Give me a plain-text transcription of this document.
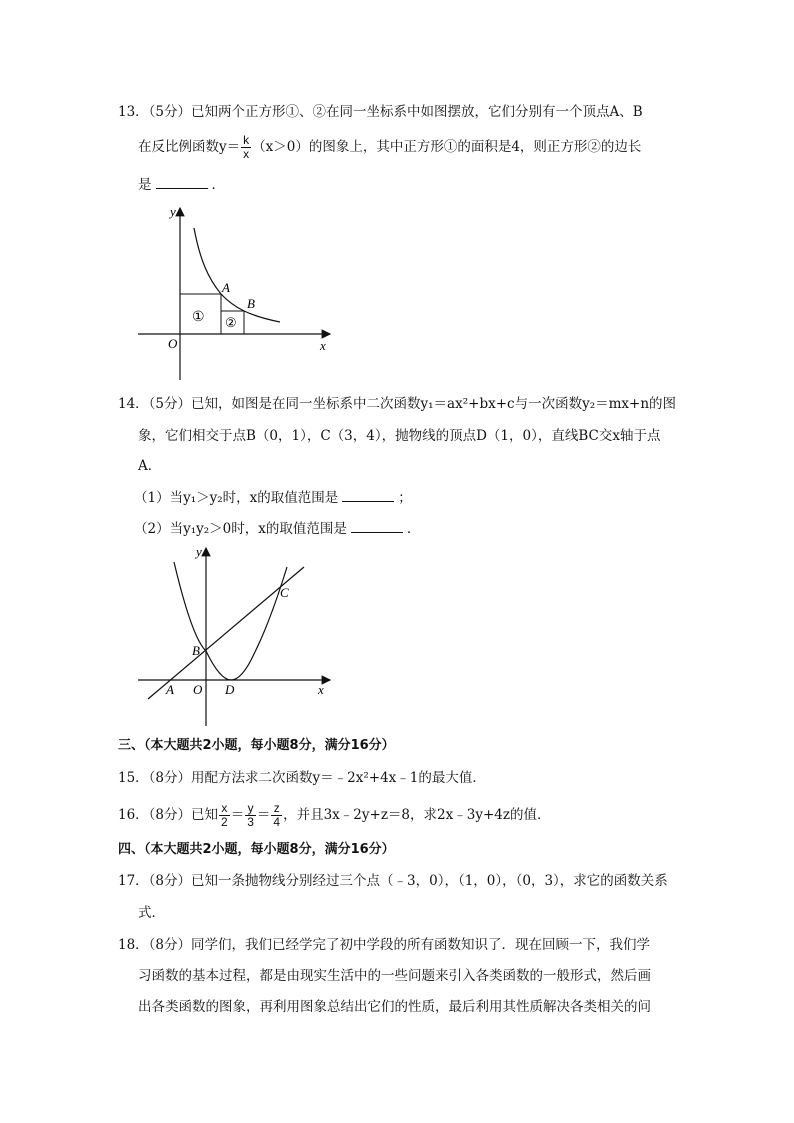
13．（5分）已知两个正方形①、②在同一坐标系中如图摆放，它们分别有一个顶点A、B
在反比例函数$y= \frac{k}{x} (x>0)$的图象上，其中正方形①的面积是4，则正方形②的边长
是	．
y
x
O
A
B
① ②
14．（5分）已知，如图是在同一坐标系中二次函数y₁＝ax²+bx+c与一次函数y₂＝mx+n的图
象，它们相交于点B（0，1），C（3，4），抛物线的顶点D（1，0），直线BC交x轴于点
A．
（1）当y₁＞y₂时，x的取值范围是	；
（2）当y₁y₂＞0时，x的取值范围是	．
y
x
O
A
B
C
D
三、（本大题共2小题，每小题8分，满分16分）
15．（8分）用配方法求二次函数y＝﹣2x²+4x﹣1的最大值．
16．（8分）已知 $\frac{x}{2} = \frac{y}{3} = \frac{z}{4}$ ，并且3x﹣2y+z＝8，求2x﹣3y+4z的值．
四、（本大题共2小题，每小题8分，满分16分）
17．（8分）已知一条抛物线分别经过三个点（﹣3，0），（1，0），（0，3），求它的函数关系
式．
18．（8分）同学们，我们已经学完了初中学段的所有函数知识了．现在回顾一下，我们学
习函数的基本过程，都是由现实生活中的一些问题来引入各类函数的一般形式，然后画
出各类函数的图象，再利用图象总结出它们的性质，最后利用其性质解决各类相关的问
